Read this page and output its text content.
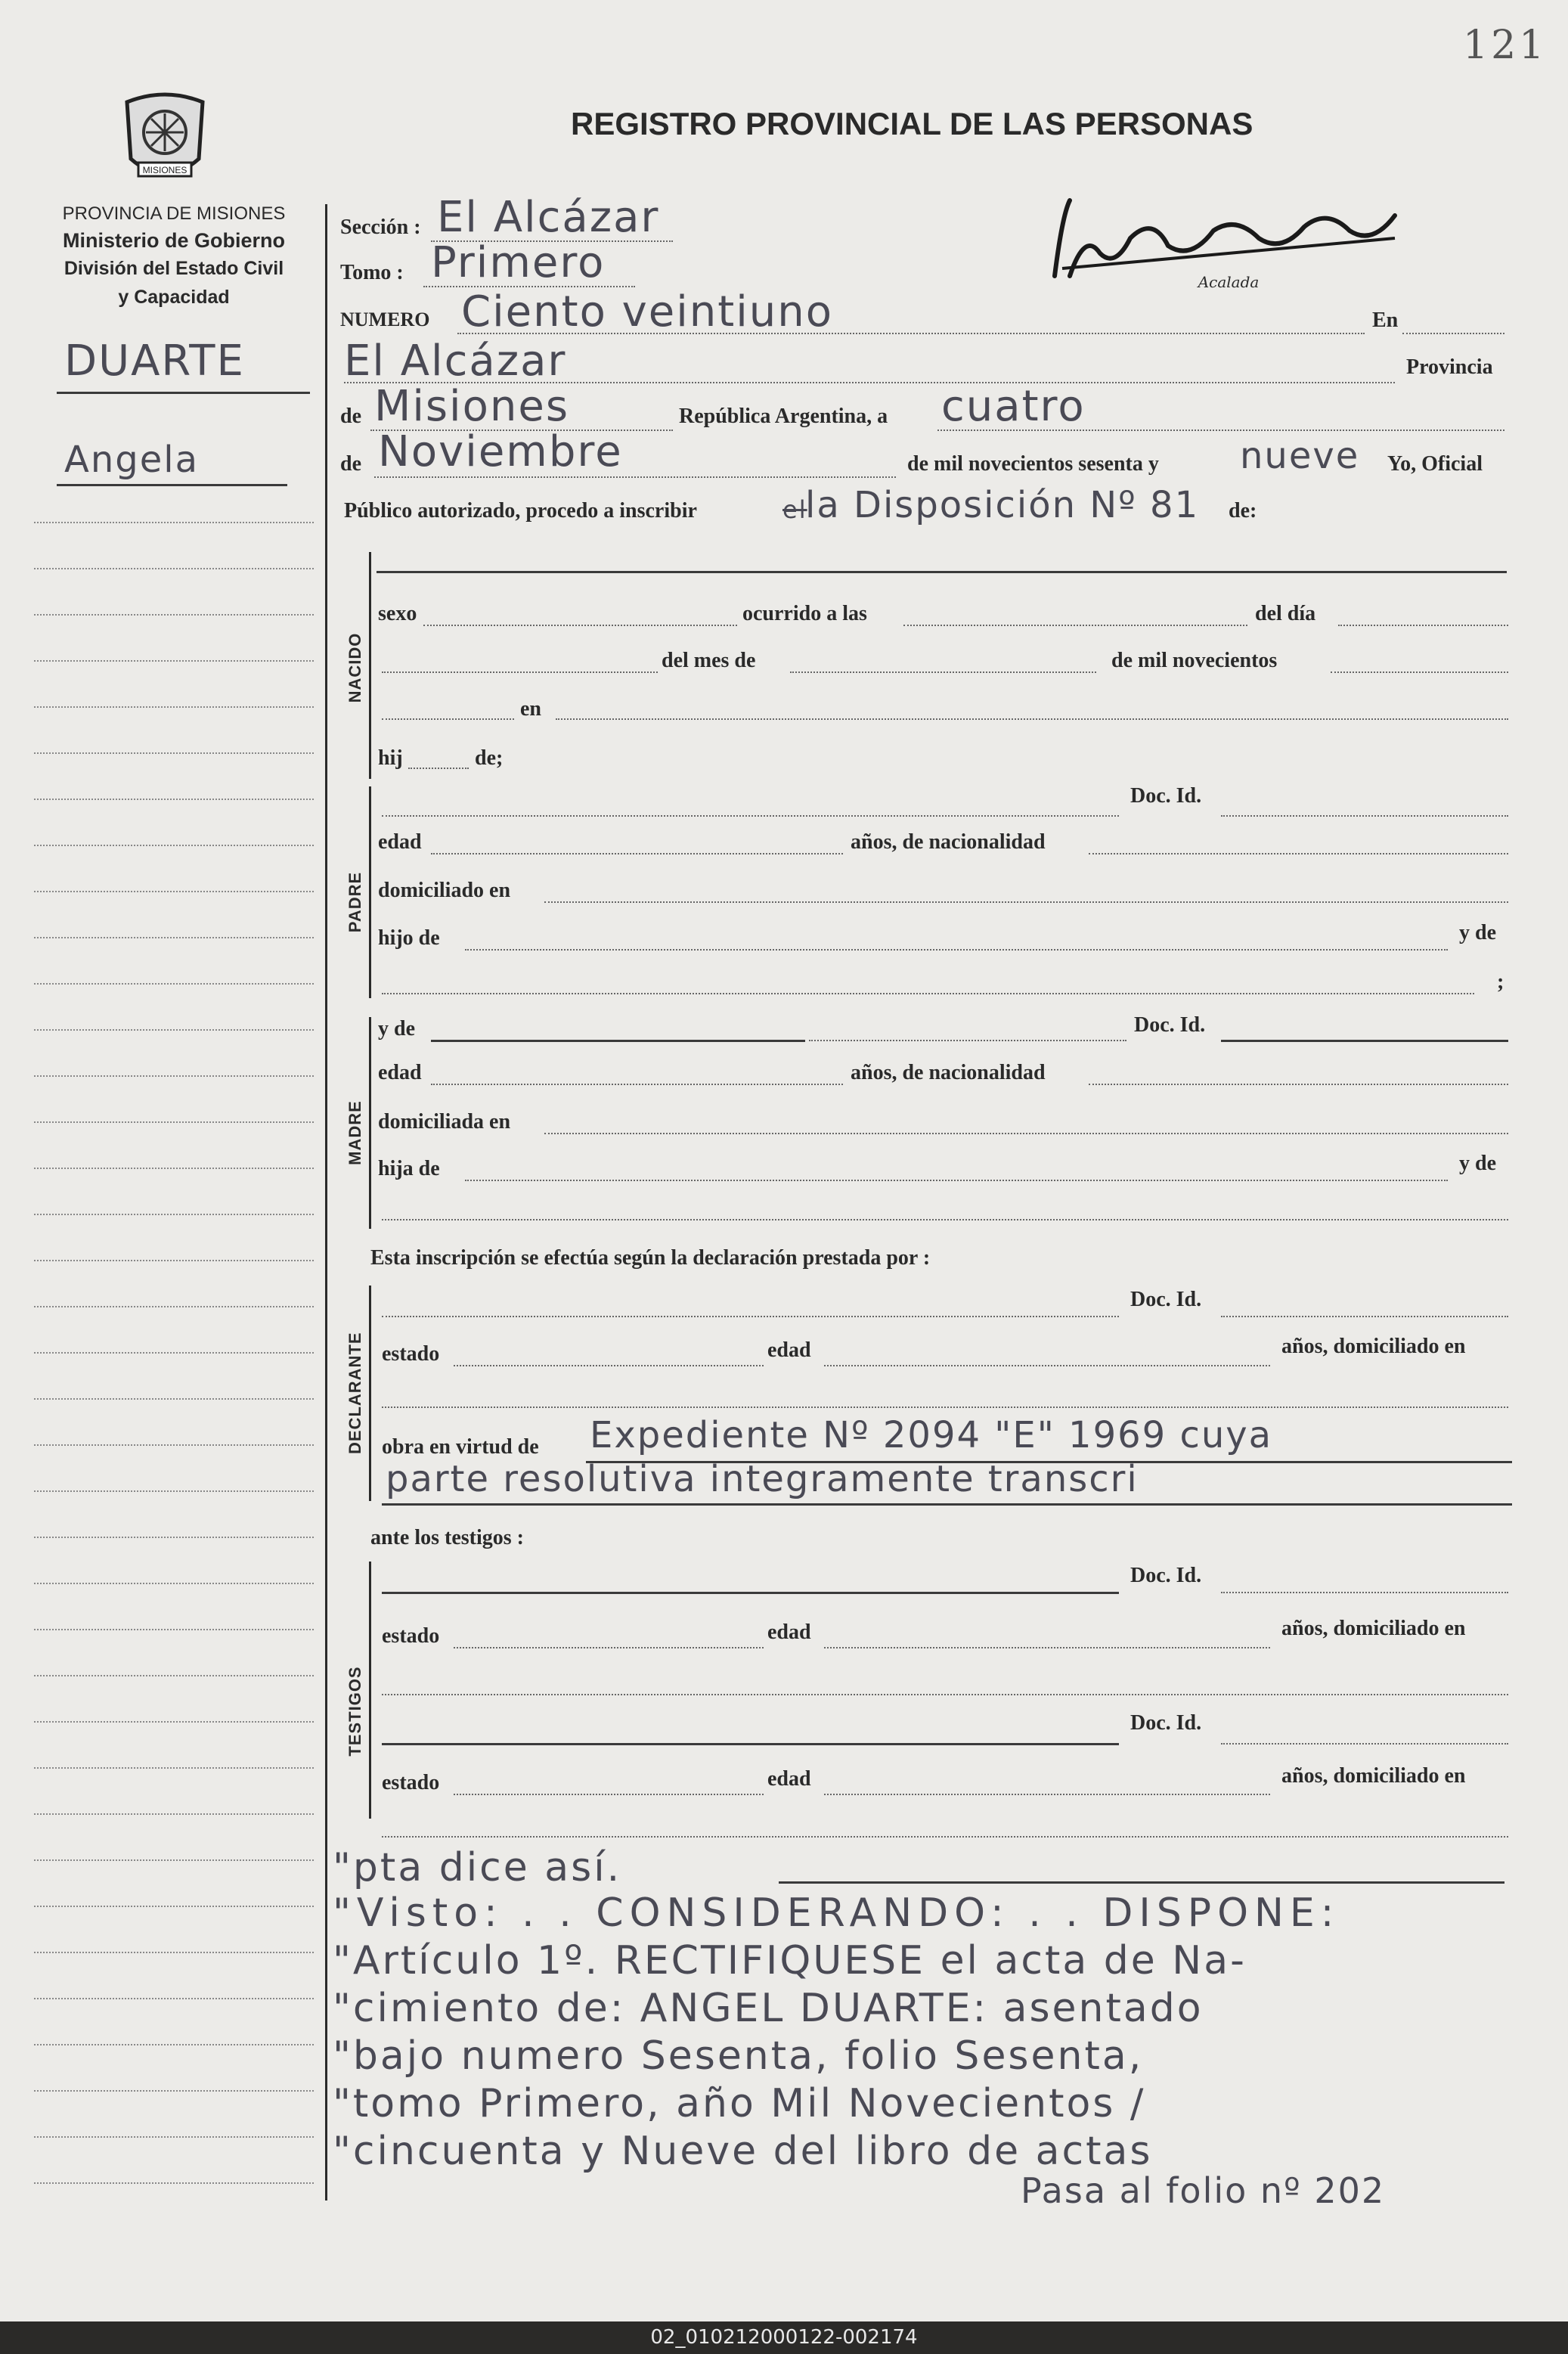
121
REGISTRO PROVINCIAL DE LAS PERSONAS
MISIONES
PROVINCIA DE MISIONES
Ministerio de Gobierno
División del Estado Civil
y Capacidad
Acalada
DUARTE
Angela
Sección : El Alcázar
Tomo : Primero
NUMERO Ciento veintiuno	En
El Alcázar	Provincia
de Misiones	República Argentina, a cuatro
de Noviembre	de mil novecientos sesenta y nueve Yo, Oficial
Público autorizado, procedo a inscribir	el
la Disposición Nº 81 de:
NACIDO
sexo	ocurrido a las	del día
del mes de	de mil novecientos
en
hij	de;
PADRE
Doc. Id.
edad	años, de nacionalidad
domiciliado en
hijo de	y de
;
MADRE
y de	Doc. Id.
edad	años, de nacionalidad
domiciliada en
hija de	y de
Esta inscripción se efectúa según la declaración prestada por :
DECLARANTE
Doc. Id.
estado	edad	años, domiciliado en
obra en virtud de Expediente Nº 2094 "E" 1969 cuya
parte resolutiva integramente transcri
ante los testigos :
TESTIGOS
Doc. Id.
estado	edad	años, domiciliado en
Doc. Id.
estado	edad	años, domiciliado en
"pta dice así.
"Visto: . . CONSIDERANDO: . . DISPONE:
"Artículo 1º. RECTIFIQUESE el acta de Na-
"cimiento de: ANGEL DUARTE: asentado
"bajo numero Sesenta, folio Sesenta,
"tomo Primero, año Mil Novecientos /
"cincuenta y Nueve del libro de actas
Pasa al folio nº 202
02_010212000122-002174
